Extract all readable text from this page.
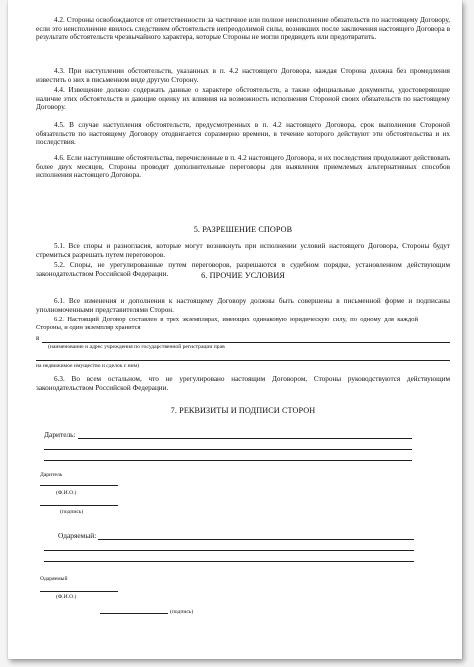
4.2. Стороны освобождаются от ответственности за частичное или полное неисполнение обязательств по настоящему Договору, если это неисполнение явилось следствием обстоятельств непреодолимой силы, возникших после заключения настоящего Договора в результате обстоятельств чрезвычайного характера, которые Стороны не могли предвидеть или предотвратить.

4.3. При наступлении обстоятельств, указанных в п. 4.2 настоящего Договора, каждая Сторона должна без промедления известить о них в письменном виде другую Сторону.

4.4. Извещение должно содержать данные о характере обстоятельств, а также официальные документы, удостоверяющие наличие этих обстоятельств и дающие оценку их влияния на возможность исполнения Стороной своих обязательств по настоящему Договору.

4.5. В случае наступления обстоятельств, предусмотренных в п. 4.2 настоящего Договора, срок выполнения Стороной обязательств по настоящему Договору отодвигается соразмерно времени, в течение которого действуют эти обстоятельства и их последствия.

4.6. Если наступившие обстоятельства, перечисленные в п. 4.2 настоящего Договора, и их последствия продолжают действовать более двух месяцев, Стороны проводят дополнительные переговоры для выявления приемлемых альтернативных способов исполнения настоящего Договора.

5. РАЗРЕШЕНИЕ СПОРОВ

5.1. Все споры и разногласия, которые могут возникнуть при исполнении условий настоящего Договора, Стороны будут стремиться разрешать путем переговоров.

5.2. Споры, не урегулированные путем переговоров, разрешаются в судебном порядке, установленном действующим законодательством Российской Федерации.	6. ПРОЧИЕ УСЛОВИЯ

6.1. Все изменения и дополнения к настоящему Договору должны быть совершены в письменной форме и подписаны уполномоченными представителями Сторон.

6.2. Настоящий Договор составлен в трех экземплярах, имеющих одинаковую юридическую силу, по одному для каждой Стороны, и один экземпляр хранится

в
(наименование и адрес учреждения по государственной регистрации прав
на недвижимое имущество и сделок с ним)

6.3. Во всем остальном, что не урегулировано настоящим Договором, Стороны руководствуются действующим законодательством Российской Федерации.

7. РЕКВИЗИТЫ И ПОДПИСИ СТОРОН
Даритель:
Даритель
(Ф.И.О.)
(подпись)
Одаряемый:
Одаряемый
(Ф.И.О.)
(подпись)
